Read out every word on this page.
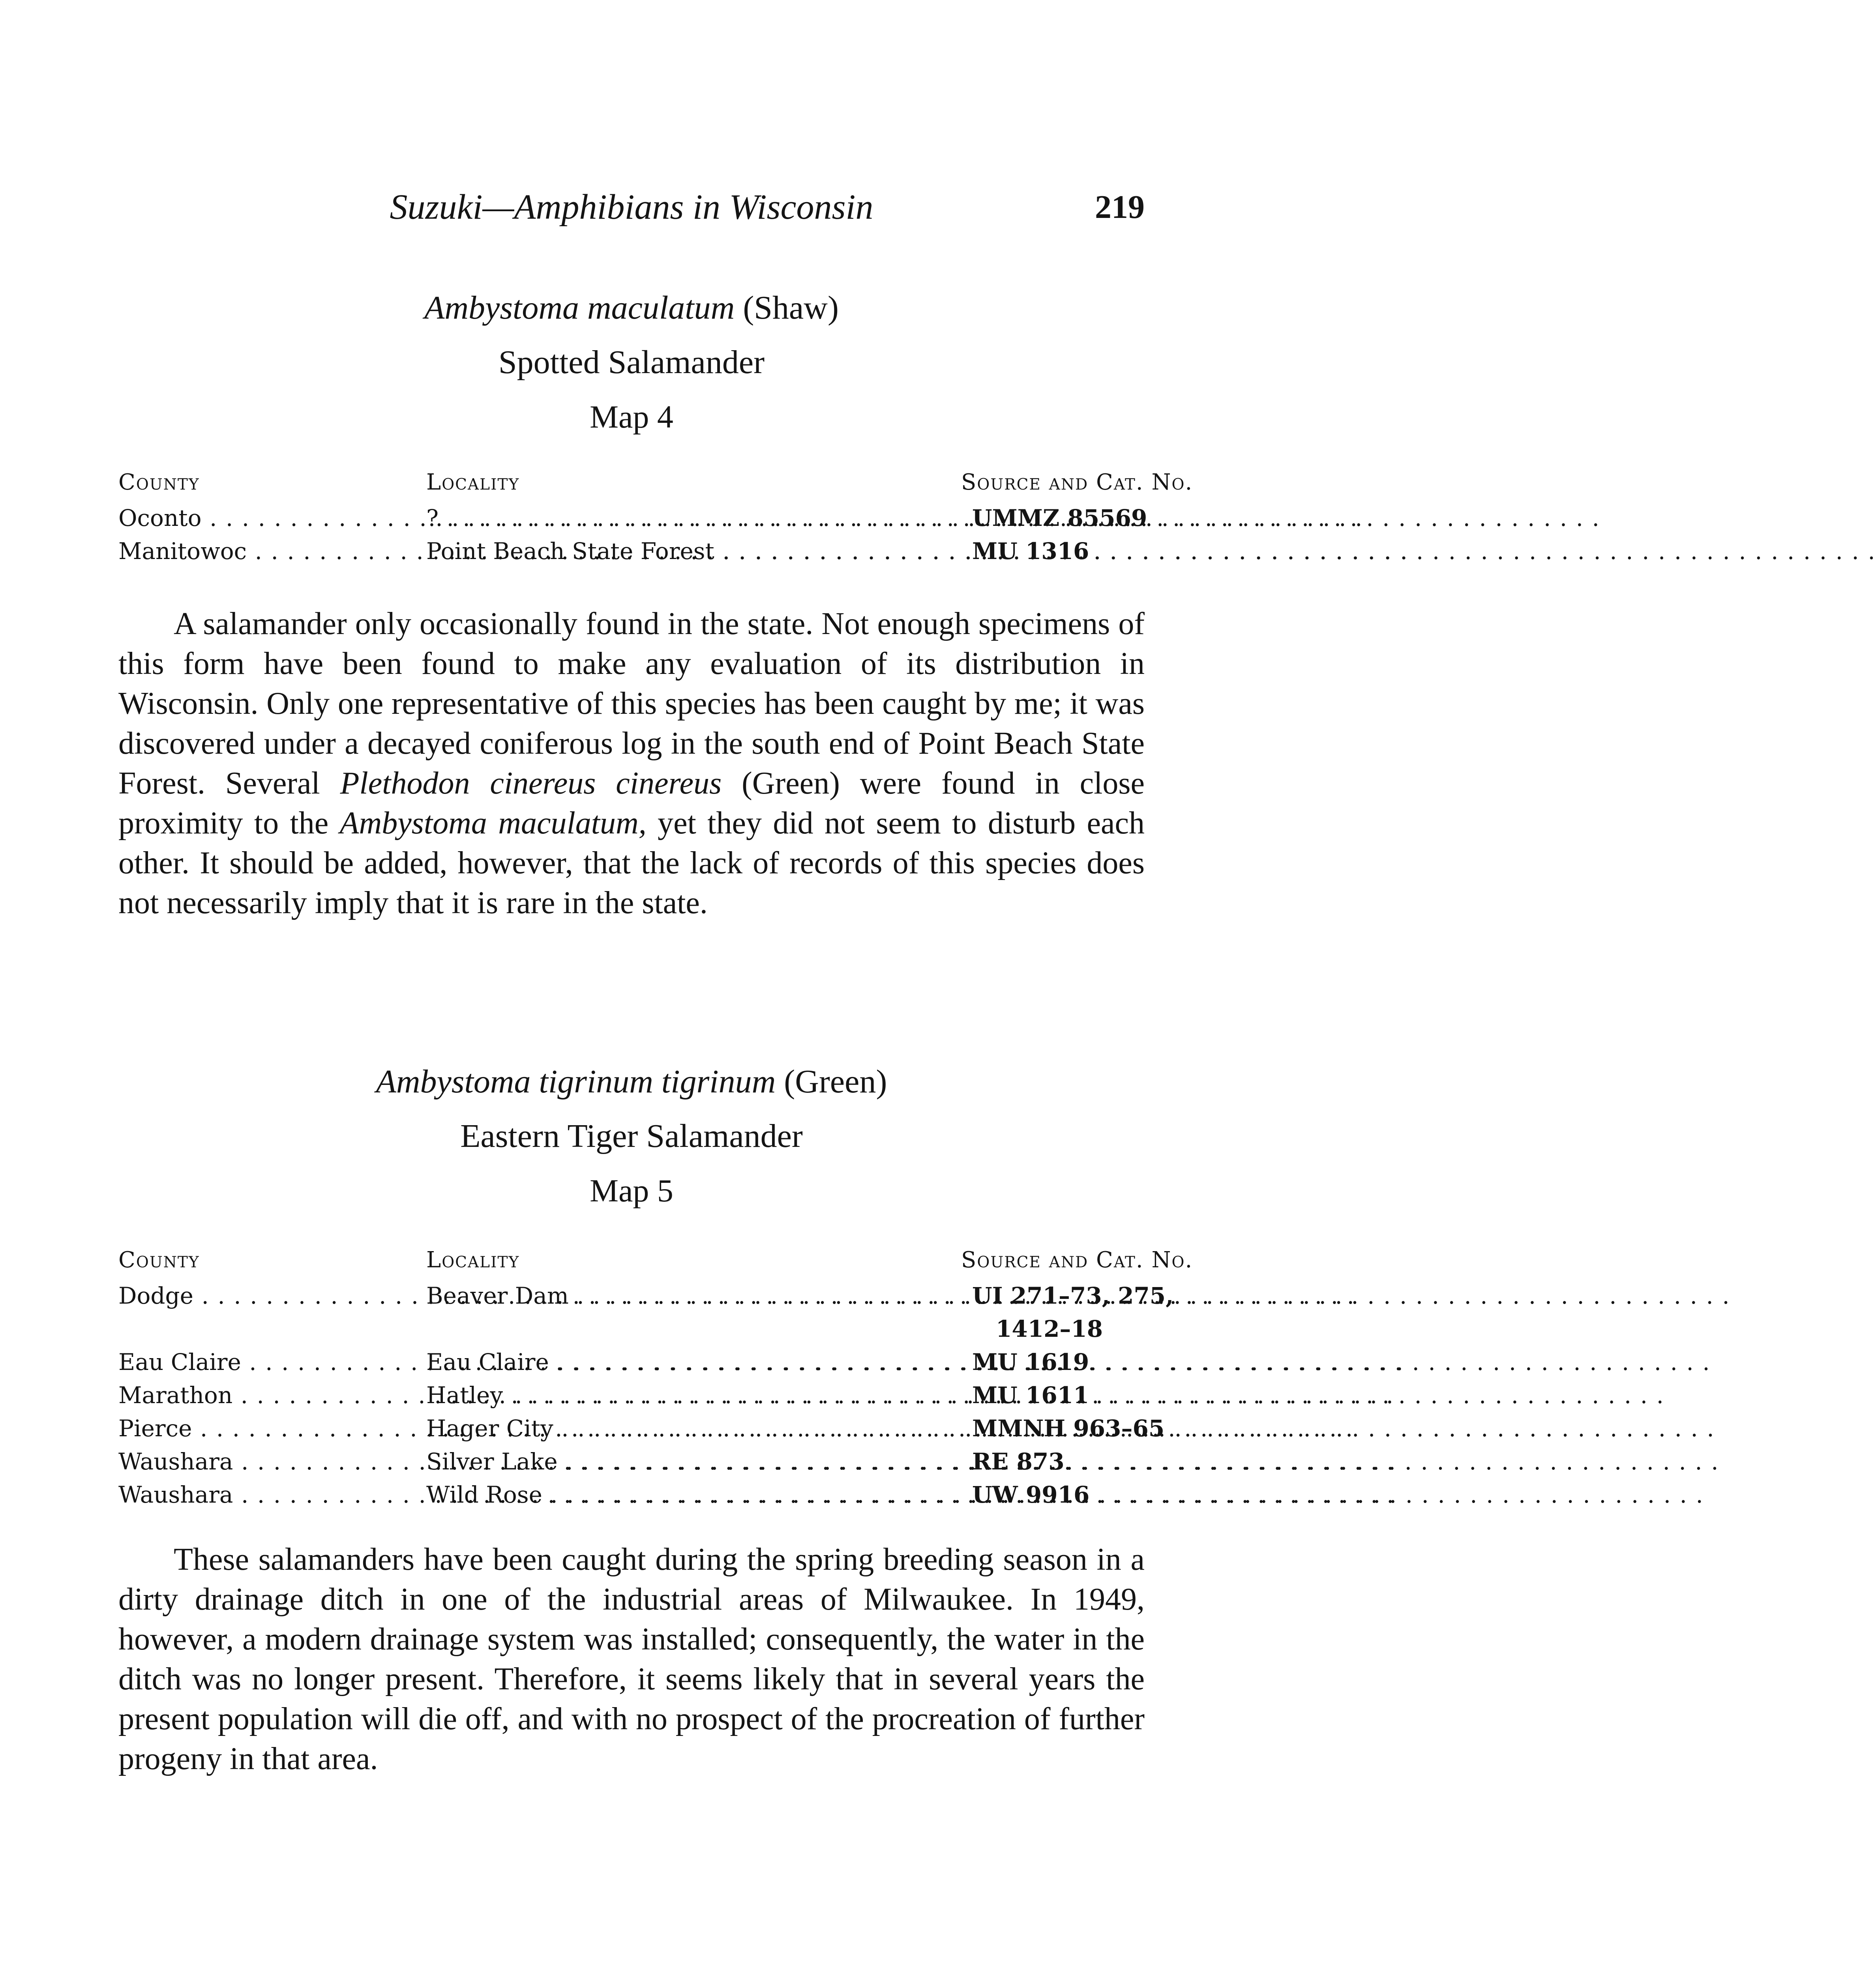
Suzuki—Amphibians in Wisconsin	219
Ambystoma maculatum (Shaw)
Spotted Salamander
Map 4
County	Locality	Source and Cat. No.

Oconto . . .	? . . .	UMMZ 85569

Manitowoc . . .	Point Beach State Forest . . .	MU 1316

A salamander only occasionally found in the state. Not enough specimens of this form have been found to make any evaluation of its distribution in Wisconsin. Only one representative of this species has been caught by me; it was discovered under a decayed coniferous log in the south end of Point Beach State Forest. Several Plethodon cinereus cinereus (Green) were found in close proximity to the Ambystoma maculatum, yet they did not seem to disturb each other. It should be added, however, that the lack of records of this species does not necessarily imply that it is rare in the state.

Ambystoma tigrinum tigrinum (Green)
Eastern Tiger Salamander
Map 5
County	Locality	Source and Cat. No.

Dodge . . .	Beaver Dam . . .	UI 271–73, 275,
1412–18

Eau Claire . . .	Eau Claire . . .	MU 1619

Marathon . . .	Hatley . . .	MU 1611

Pierce . . .	Hager City . . .	MMNH 963–65

Waushara . . .	Silver Lake . . .	RE 873

Waushara . . .	Wild Rose . . .	UW 9916

These salamanders have been caught during the spring breeding season in a dirty drainage ditch in one of the industrial areas of Milwaukee. In 1949, however, a modern drainage system was installed; consequently, the water in the ditch was no longer present. Therefore, it seems likely that in several years the present population will die off, and with no prospect of the procreation of further progeny in that area.
